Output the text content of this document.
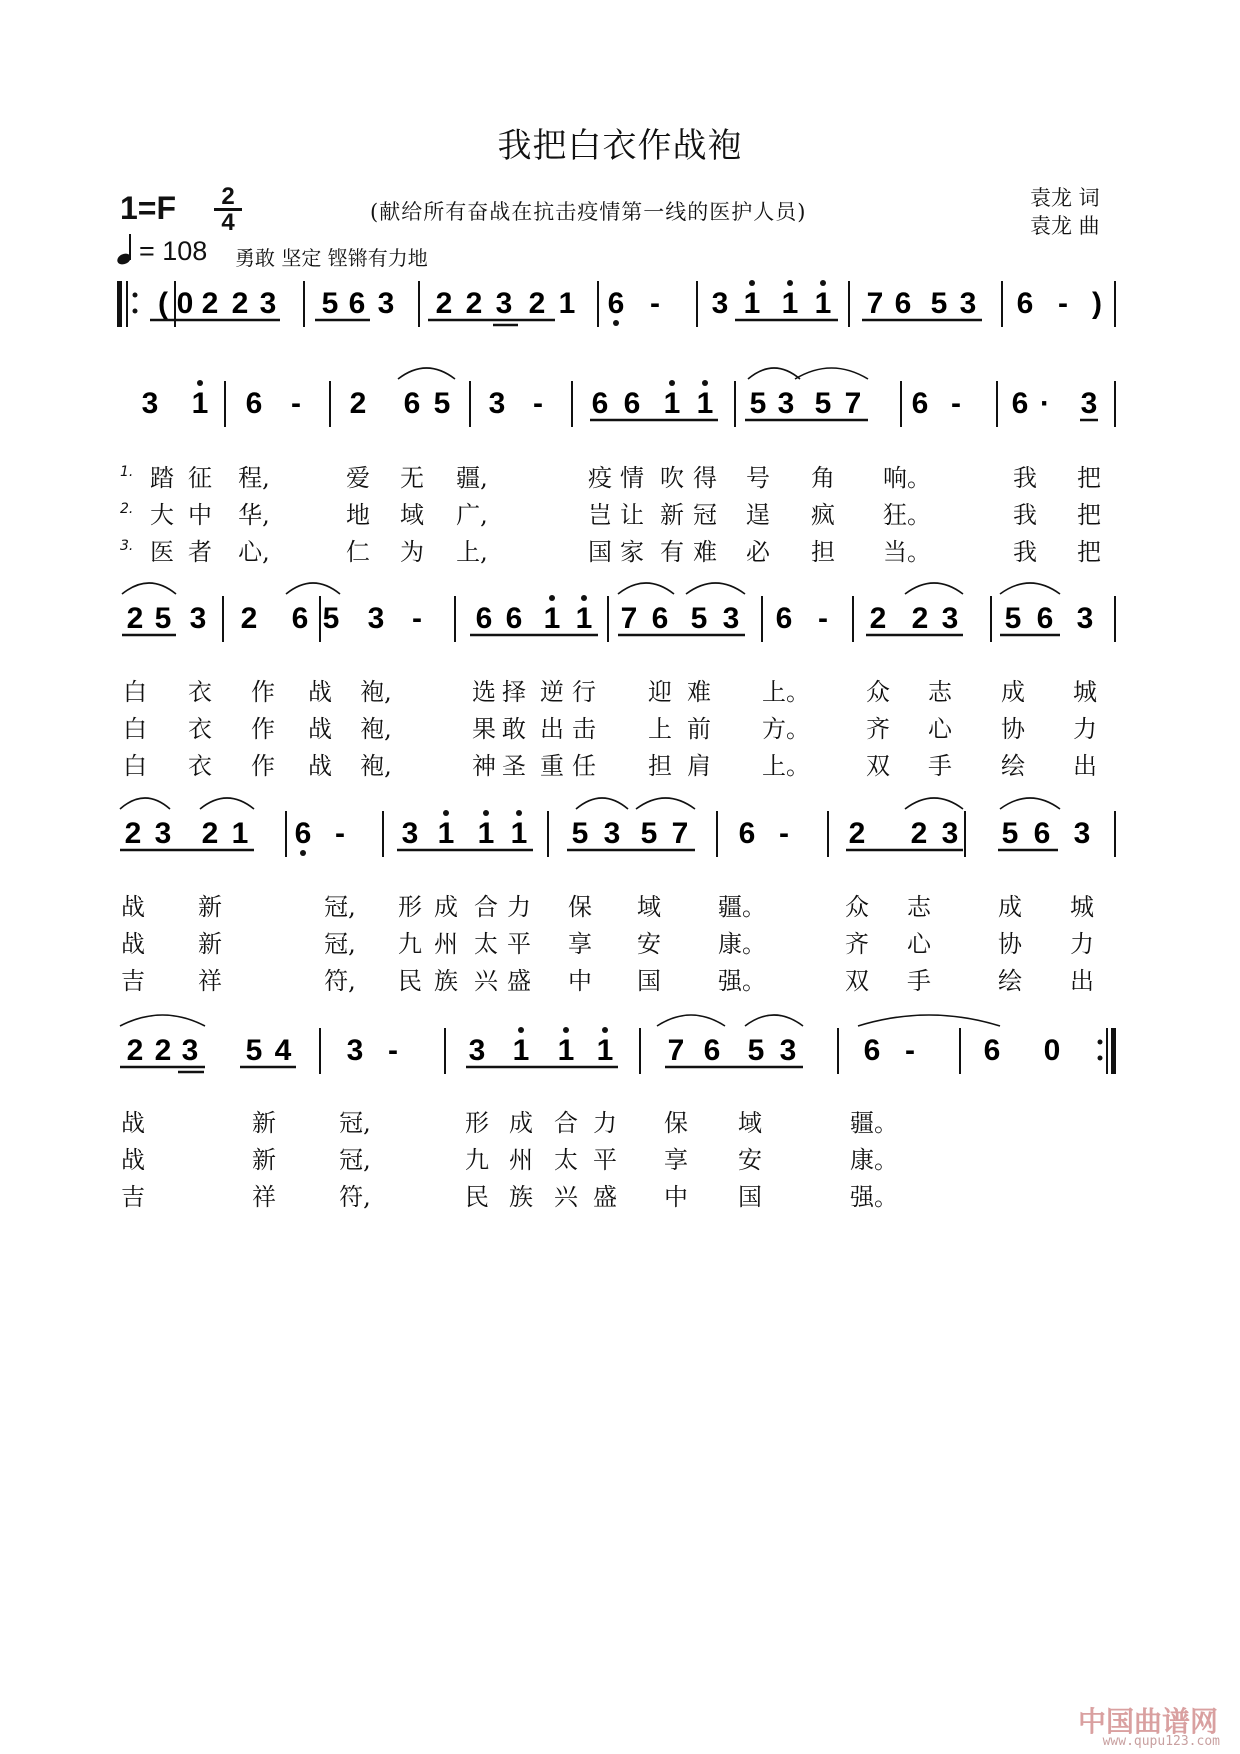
我把白衣作战袍
1=F	2
4	(献给所有奋战在抗击疫情第一线的医护人员)
袁龙 词
袁龙 曲
= 108 勇敢 坚定 铿锵有力地
( 0 2 2 3 5 6 3 2 2 3 2 1 6 - 3 1 1 1 7 6 5 3 6 - )
3 1 6 - 2 6 5 3 - 6 6 1 1 5 3 5 7 6 - 6 · 3
2 5 3 2 6 5 3 - 6 6 1 1 7 6 5 3 6 - 2 2 3 5 6 3
2 3 2 1 6 - 3 1 1 1 5 3 5 7 6 - 2 2 3 5 6 3
2 2 3 5 4 3 - 3 1 1 1 7 6 5 3 6 - 6 0
1. 踏 征	程,	爱	无	疆,	疫 情 吹 得	号	角	响。	我	把
2. 大 中	华,	地	域	广,	岂 让 新 冠	逞	疯	狂。	我	把
3. 医 者	心,	仁	为	上,	国 家 有 难	必	担	当。	我	把
白	衣	作	战	袍,	选 择 逆 行	迎 难	上。	众	志	成	城
白	衣	作	战	袍,	果 敢 出 击	上 前	方。	齐	心	协	力
白	衣	作	战	袍,	神 圣 重 任	担 肩	上。	双	手	绘	出
战	新	冠,	形 成 合 力	保	域	疆。	众	志	成	城
战	新	冠,	九 州 太 平	享	安	康。	齐	心	协	力
吉	祥	符,	民 族 兴 盛	中	国	强。	双	手	绘	出
战	新	冠,	形 成 合 力	保	域	疆。
战	新	冠,	九 州 太 平	享	安	康。
吉	祥	符,	民 族 兴 盛	中	国	强。
中国曲谱网
www.qupu123.com
